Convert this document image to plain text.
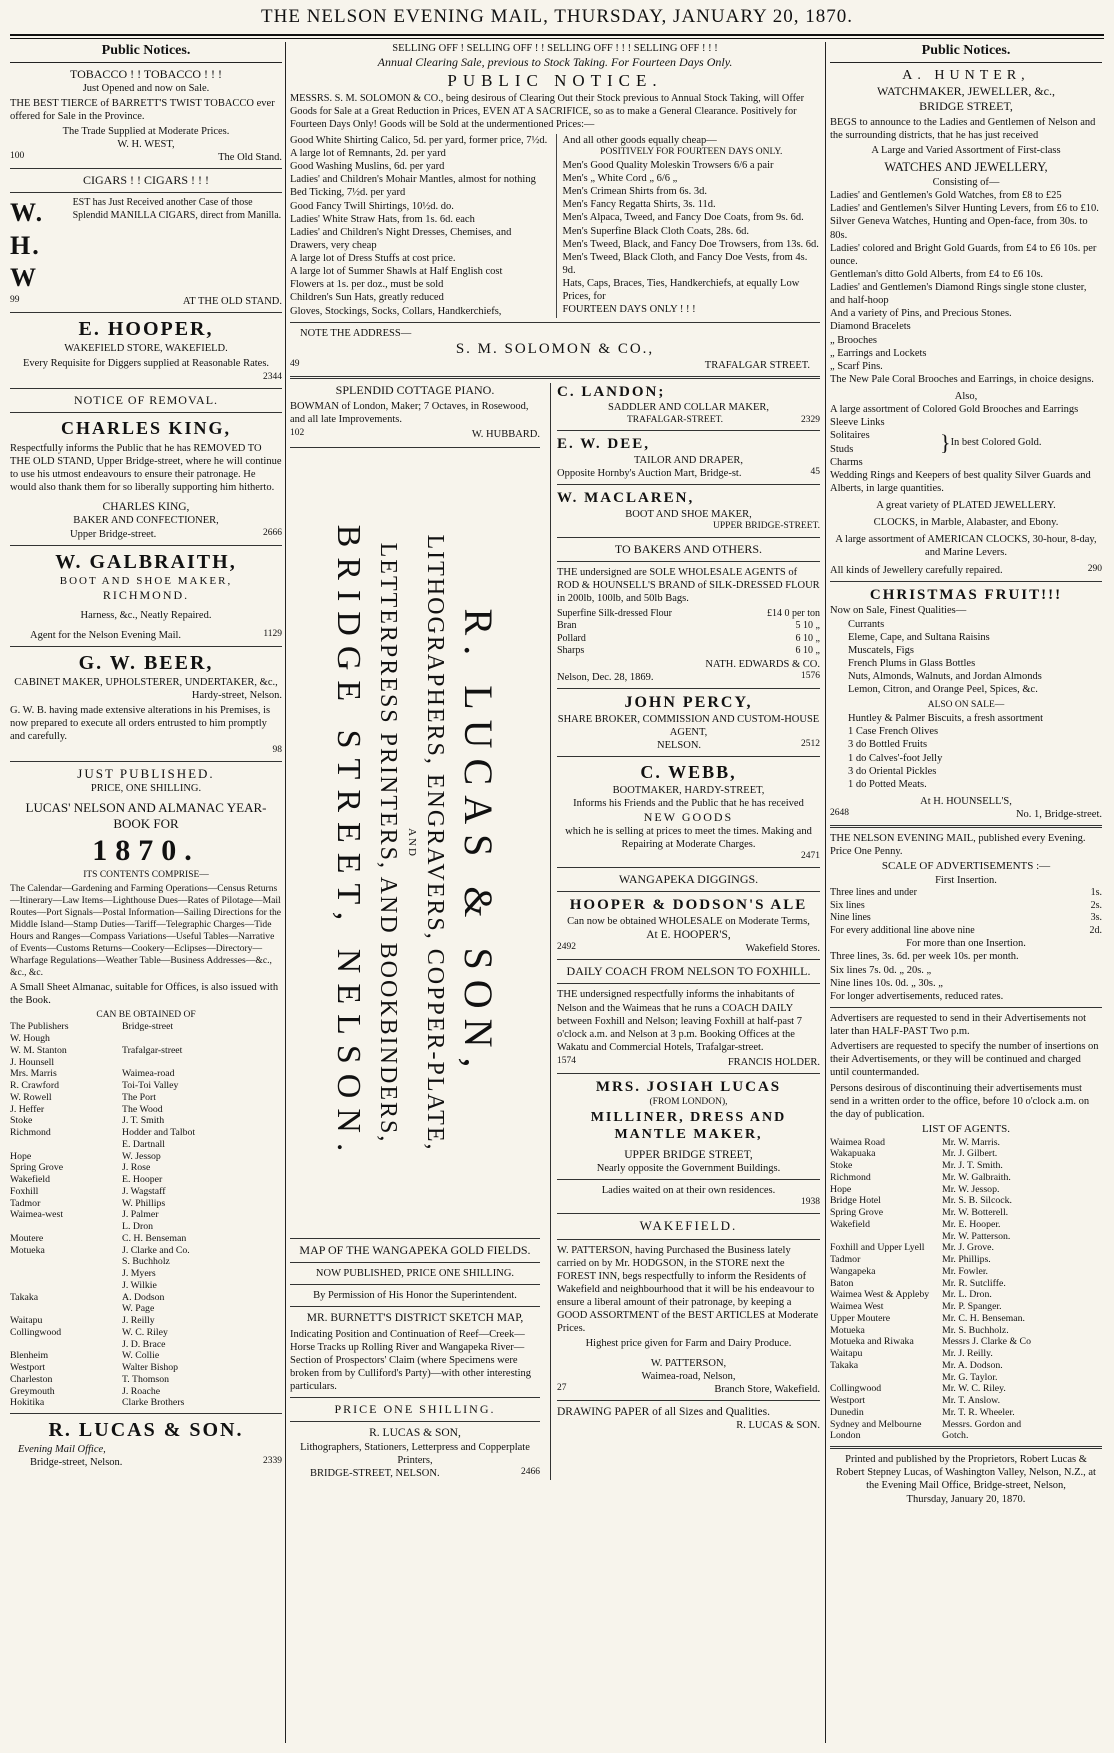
THE NELSON EVENING MAIL, THURSDAY, JANUARY 20, 1870.
Public Notices.
TOBACCO ! ! TOBACCO ! ! !
Just Opened and now on Sale.

THE BEST TIERCE of BARRETT'S TWIST TOBACCO ever offered for Sale in the Province.

The Trade Supplied at Moderate Prices.
W. H. WEST,
100	The Old Stand.
CIGARS ! ! CIGARS ! ! !
W. H. W
EST has Just Received another Case of those Splendid MANILLA CIGARS, direct from Manilla.
99	AT THE OLD STAND.
E. HOOPER,
WAKEFIELD STORE, WAKEFIELD.

Every Requisite for Diggers supplied at Reasonable Rates.

2344
NOTICE OF REMOVAL.
CHARLES KING,

Respectfully informs the Public that he has REMOVED TO THE OLD STAND, Upper Bridge-street, where he will continue to use his utmost endeavours to ensure their patronage. He would also thank them for so liberally supporting him hitherto.

CHARLES KING,
BAKER AND CONFECTIONER,
Upper Bridge-street.	2666
W. GALBRAITH,
BOOT AND SHOE MAKER,
RICHMOND.
Harness, &c., Neatly Repaired.
Agent for the Nelson Evening Mail.	1129
G. W. BEER,
CABINET MAKER, UPHOLSTERER, UNDERTAKER, &c.,
Hardy-street, Nelson.

G. W. B. having made extensive alterations in his Premises, is now prepared to execute all orders entrusted to him promptly and carefully.

98
JUST PUBLISHED.
PRICE, ONE SHILLING.
LUCAS' NELSON AND ALMANAC YEAR-BOOK FOR
1870.
ITS CONTENTS COMPRISE—

The Calendar—Gardening and Farming Operations—Census Returns—Itinerary—Law Items—Lighthouse Dues—Rates of Pilotage—Mail Routes—Port Signals—Postal Information—Sailing Directions for the Middle Island—Stamp Duties—Tariff—Telegraphic Charges—Tide Hours and Ranges—Compass Variations—Useful Tables—Narrative of Events—Customs Returns—Cookery—Eclipses—Directory—Wharfage Regulations—Weather Table—Business Addresses—&c., &c., &c.

A Small Sheet Almanac, suitable for Offices, is also issued with the Book.

CAN BE OBTAINED OF
The Publishers	Bridge-street
W. Hough
W. M. Stanton	Trafalgar-street
J. Hounsell
Mrs. Marris	Waimea-road
R. Crawford	Toi-Toi Valley
W. Rowell	The Port
J. Heffer	The Wood
Stoke	J. T. Smith
Richmond	Hodder and Talbot
E. Dartnall
Hope	W. Jessop
Spring Grove	J. Rose
Wakefield	E. Hooper
Foxhill	J. Wagstaff
Tadmor	W. Phillips
Waimea-west	J. Palmer
L. Dron
Moutere	C. H. Benseman
Motueka	J. Clarke and Co.
S. Buchholz
J. Myers
J. Wilkie
Takaka	A. Dodson
W. Page
Waitapu	J. Reilly
Collingwood	W. C. Riley
J. D. Brace
Blenheim	W. Collie
Westport	Walter Bishop
Charleston	T. Thomson
Greymouth	J. Roache
Hokitika	Clarke Brothers
R. LUCAS & SON.
Evening Mail Office,
Bridge-street, Nelson.	2339
SELLING OFF ! SELLING OFF ! ! SELLING OFF ! ! ! SELLING OFF ! ! !
Annual Clearing Sale, previous to Stock Taking. For Fourteen Days Only.
PUBLIC NOTICE.

MESSRS. S. M. SOLOMON & CO., being desirous of Clearing Out their Stock previous to Annual Stock Taking, will Offer Goods for Sale at a Great Reduction in Prices, EVEN AT A SACRIFICE, so as to make a General Clearance. Positively for Fourteen Days Only! Goods will be Sold at the undermentioned Prices:—

Good White Shirting Calico, 5d. per yard, former price, 7½d.
A large lot of Remnants, 2d. per yard
Good Washing Muslins, 6d. per yard
Ladies' and Children's Mohair Mantles, almost for nothing
Bed Ticking, 7½d. per yard
Good Fancy Twill Shirtings, 10½d. do.
Ladies' White Straw Hats, from 1s. 6d. each
Ladies' and Children's Night Dresses, Chemises, and Drawers, very cheap
A large lot of Dress Stuffs at cost price.
A large lot of Summer Shawls at Half English cost
Flowers at 1s. per doz., must be sold
Children's Sun Hats, greatly reduced
Gloves, Stockings, Socks, Collars, Handkerchiefs,
And all other goods equally cheap—
POSITIVELY FOR FOURTEEN DAYS ONLY.
Men's Good Quality Moleskin Trowsers 6/6 a pair
Men's „ White Cord „ 6/6 „
Men's Crimean Shirts from 6s. 3d.
Men's Fancy Regatta Shirts, 3s. 11d.
Men's Alpaca, Tweed, and Fancy Doe Coats, from 9s. 6d.
Men's Superfine Black Cloth Coats, 28s. 6d.
Men's Tweed, Black, and Fancy Doe Trowsers, from 13s. 6d.
Men's Tweed, Black Cloth, and Fancy Doe Vests, from 4s. 9d.
Hats, Caps, Braces, Ties, Handkerchiefs, at equally Low Prices, for
FOURTEEN DAYS ONLY ! ! !
NOTE THE ADDRESS—
S. M. SOLOMON & CO.,
49	TRAFALGAR STREET.
SPLENDID COTTAGE PIANO.

BOWMAN of London, Maker; 7 Octaves, in Rosewood, and all late Improvements.

102	W. HUBBARD.
R. LUCAS & SON,
LITHOGRAPHERS, ENGRAVERS, COPPER-PLATE,
AND
LETTERPRESS PRINTERS, AND BOOKBINDERS,
BRIDGE STREET, NELSON.
MAP OF THE WANGAPEKA GOLD FIELDS.
NOW PUBLISHED, PRICE ONE SHILLING.
By Permission of His Honor the Superintendent.
MR. BURNETT'S DISTRICT SKETCH MAP,

Indicating Position and Continuation of Reef—Creek—Horse Tracks up Rolling River and Wangapeka River—Section of Prospectors' Claim (where Specimens were broken from by Culliford's Party)—with other interesting particulars.

PRICE ONE SHILLING.
R. LUCAS & SON,
Lithographers, Stationers, Letterpress and Copperplate Printers,
BRIDGE-STREET, NELSON.	2466
C. LANDON;
SADDLER AND COLLAR MAKER,
TRAFALGAR-STREET.	2329
E. W. DEE,
TAILOR AND DRAPER,
Opposite Hornby's Auction Mart, Bridge-st.	45
W. MACLAREN,
BOOT AND SHOE MAKER,
UPPER BRIDGE-STREET.
TO BAKERS AND OTHERS.

THE undersigned are SOLE WHOLESALE AGENTS of ROD & HOUNSELL'S BRAND of SILK-DRESSED FLOUR in 200lb, 100lb, and 50lb Bags.

Superfine Silk-dressed Flour	£14 0 per ton
Bran	5 10 „
Pollard	6 10 „
Sharps	6 10 „
NATH. EDWARDS & CO.
Nelson, Dec. 28, 1869.	1576
JOHN PERCY,
SHARE BROKER, COMMISSION AND CUSTOM-HOUSE AGENT,
NELSON.	2512
C. WEBB,
BOOTMAKER, HARDY-STREET,
Informs his Friends and the Public that he has received
NEW GOODS
which he is selling at prices to meet the times. Making and Repairing at Moderate Charges.
2471
WANGAPEKA DIGGINGS.
HOOPER & DODSON'S ALE
Can now be obtained WHOLESALE on Moderate Terms,
At E. HOOPER'S,
2492	Wakefield Stores.
DAILY COACH FROM NELSON TO FOXHILL.

THE undersigned respectfully informs the inhabitants of Nelson and the Waimeas that he runs a COACH DAILY between Foxhill and Nelson; leaving Foxhill at half-past 7 o'clock a.m. and Nelson at 3 p.m. Booking Offices at the Wakatu and Commercial Hotels, Trafalgar-street.

1574	FRANCIS HOLDER.
MRS. JOSIAH LUCAS
(FROM LONDON),
MILLINER, DRESS AND MANTLE MAKER,
UPPER BRIDGE STREET,
Nearly opposite the Government Buildings.
Ladies waited on at their own residences.
1938
WAKEFIELD.

W. PATTERSON, having Purchased the Business lately carried on by Mr. HODGSON, in the STORE next the FOREST INN, begs respectfully to inform the Residents of Wakefield and neighbourhood that it will be his endeavour to ensure a liberal amount of their patronage, by keeping a GOOD ASSORTMENT of the BEST ARTICLES at Moderate Prices.

Highest price given for Farm and Dairy Produce.
W. PATTERSON,
Waimea-road, Nelson,
27	Branch Store, Wakefield.
DRAWING PAPER of all Sizes and Qualities.
R. LUCAS & SON.
Public Notices.
A. HUNTER,
WATCHMAKER, JEWELLER, &c.,
BRIDGE STREET,

BEGS to announce to the Ladies and Gentlemen of Nelson and the surrounding districts, that he has just received

A Large and Varied Assortment of First-class
WATCHES AND JEWELLERY,
Consisting of—
Ladies' and Gentlemen's Gold Watches, from £8 to £25
Ladies' and Gentlemen's Silver Hunting Levers, from £6 to £10.
Silver Geneva Watches, Hunting and Open-face, from 30s. to 80s.
Ladies' colored and Bright Gold Guards, from £4 to £6 10s. per ounce.
Gentleman's ditto Gold Alberts, from £4 to £6 10s.
Ladies' and Gentlemen's Diamond Rings single stone cluster, and half-hoop
And a variety of Pins, and Precious Stones.
Diamond Bracelets
„ Brooches
„ Earrings and Lockets
„ Scarf Pins.
The New Pale Coral Brooches and Earrings, in choice designs.
Also,
A large assortment of Colored Gold Brooches and Earrings
Sleeve Links
Solitaires
Studs
Charms
} In best Colored Gold.
Wedding Rings and Keepers of best quality Silver Guards and Alberts, in large quantities.
A great variety of PLATED JEWELLERY.
CLOCKS, in Marble, Alabaster, and Ebony.
A large assortment of AMERICAN CLOCKS, 30-hour, 8-day, and Marine Levers.
All kinds of Jewellery carefully repaired.	290
CHRISTMAS FRUIT!!!
Now on Sale, Finest Qualities—
Currants
Eleme, Cape, and Sultana Raisins
Muscatels, Figs
French Plums in Glass Bottles
Nuts, Almonds, Walnuts, and Jordan Almonds
Lemon, Citron, and Orange Peel, Spices, &c.
ALSO ON SALE—
Huntley & Palmer Biscuits, a fresh assortment
1 Case French Olives
3 do Bottled Fruits
1 do Calves'-foot Jelly
3 do Oriental Pickles
1 do Potted Meats.
At H. HOUNSELL'S,
2648	No. 1, Bridge-street.

THE NELSON EVENING MAIL, published every Evening. Price One Penny.

SCALE OF ADVERTISEMENTS :—
First Insertion.
Three lines and under	1s.
Six lines	2s.
Nine lines	3s.
For every additional line above nine	2d.
For more than one Insertion.
Three lines, 3s. 6d. per week 10s. per month.
Six lines 7s. 0d. „ 20s. „
Nine lines 10s. 0d. „ 30s. „
For longer advertisements, reduced rates.

Advertisers are requested to send in their Advertisements not later than HALF-PAST Two p.m.

Advertisers are requested to specify the number of insertions on their Advertisements, or they will be continued and charged until countermanded.

Persons desirous of discontinuing their advertisements must send in a written order to the office, before 10 o'clock a.m. on the day of publication.

LIST OF AGENTS.
Waimea Road	Mr. W. Marris.
Wakapuaka	Mr. J. Gilbert.
Stoke	Mr. J. T. Smith.
Richmond	Mr. W. Galbraith.
Hope	Mr. W. Jessop.
Bridge Hotel	Mr. S. B. Silcock.
Spring Grove	Mr. W. Botterell.
Wakefield	Mr. E. Hooper.
Mr. W. Patterson.
Foxhill and Upper Lyell	Mr. J. Grove.
Tadmor	Mr. Phillips.
Wangapeka	Mr. Fowler.
Baton	Mr. R. Sutcliffe.
Waimea West & Appleby	Mr. L. Dron.
Waimea West	Mr. P. Spanger.
Upper Moutere	Mr. C. H. Benseman.
Motueka	Mr. S. Buchholz.
Motueka and Riwaka	Messrs J. Clarke & Co
Waitapu	Mr. J. Reilly.
Takaka	Mr. A. Dodson.
Mr. G. Taylor.
Collingwood	Mr. W. C. Riley.
Westport	Mr. T. Anslow.
Dunedin	Mr. T. R. Wheeler.
Sydney and Melbourne	Messrs. Gordon and
London	Gotch.
Printed and published by the Proprietors, Robert Lucas & Robert Stepney Lucas, of Washington Valley, Nelson, N.Z., at the Evening Mail Office, Bridge-street, Nelson,
Thursday, January 20, 1870.
